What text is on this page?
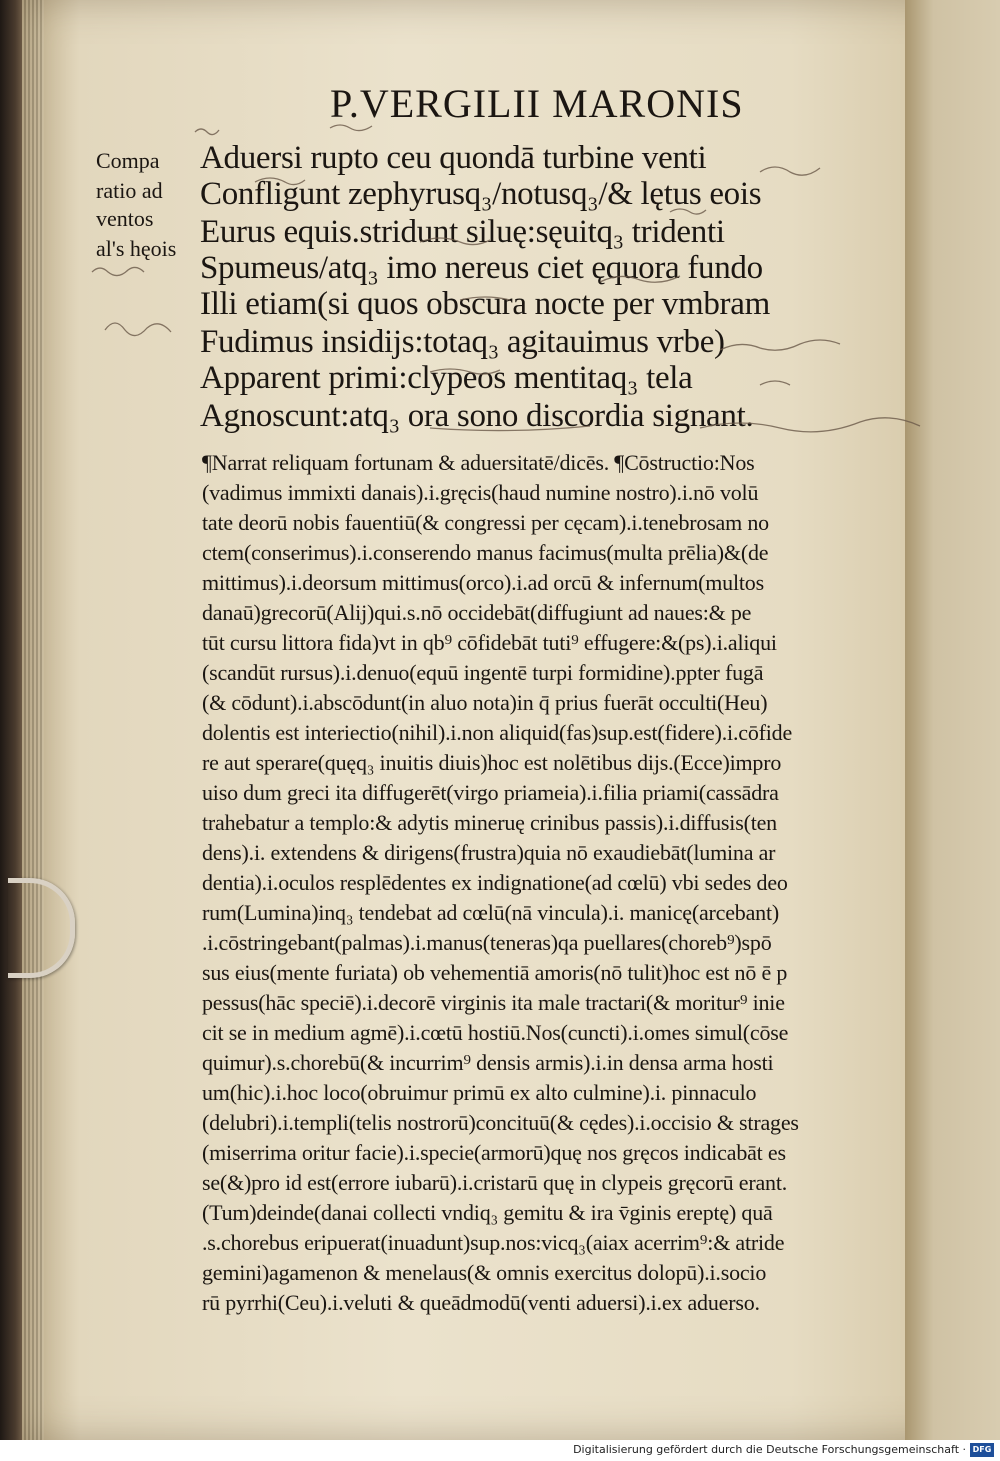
P.VERGILII MARONIS
Compa
ratio ad
ventos
al's hęois
Aduersi rupto ceu quondā turbine venti
Confligunt zephyrusq₃/notusq₃/& lętus eois
Eurus equis.stridunt siluę:sęuitq₃ tridenti
Spumeus/atq₃ imo nereus ciet ęquora fundo
Illi etiam(si quos obscura nocte per vmbram
Fudimus insidijs:totaq₃ agitauimus vrbe)
Apparent primi:clypeos mentitaq₃ tela
Agnoscunt:atq₃ ora sono discordia signant.
¶Narrat reliquam fortunam & aduersitatē/dicēs. ¶Cōstructio:Nos
(vadimus immixti danais).i.gręcis(haud numine nostro).i.nō volū
tate deorū nobis fauentiū(& congressi per cęcam).i.tenebrosam no
ctem(conserimus).i.conserendo manus facimus(multa prēlia)&(de
mittimus).i.deorsum mittimus(orco).i.ad orcū & infernum(multos
danaū)grecorū(Alij)qui.s.nō occidebāt(diffugiunt ad naues:& pe
tūt cursu littora fida)vt in qb⁹ cōfidebāt tuti⁹ effugere:&(ps).i.aliqui
(scandūt rursus).i.denuo(equū ingentē turpi formidine).ppter fugā
(& cōdunt).i.abscōdunt(in aluo nota)in q̄ prius fuerāt occulti(Heu)
dolentis est interiectio(nihil).i.non aliquid(fas)sup.est(fidere).i.cōfide
re aut sperare(quęq₃ inuitis diuis)hoc est nolētibus dijs.(Ecce)impro
uiso dum greci ita diffugerēt(virgo priameia).i.filia priami(cassādra
trahebatur a templo:& adytis mineruę crinibus passis).i.diffusis(ten
dens).i. extendens & dirigens(frustra)quia nō exaudiebāt(lumina ar
dentia).i.oculos resplēdentes ex indignatione(ad cœlū) vbi sedes deo
rum(Lumina)inq₃ tendebat ad cœlū(nā vincula).i. manicę(arcebant)
.i.cōstringebant(palmas).i.manus(teneras)qa puellares(choreb⁹)spō
sus eius(mente furiata) ob vehementiā amoris(nō tulit)hoc est nō ē p
pessus(hāc speciē).i.decorē virginis ita male tractari(& moritur⁹ inie
cit se in medium agmē).i.cœtū hostiū.Nos(cuncti).i.omes simul(cōse
quimur).s.chorebū(& incurrim⁹ densis armis).i.in densa arma hosti
um(hic).i.hoc loco(obruimur primū ex alto culmine).i. pinnaculo
(delubri).i.templi(telis nostrorū)concituū(& cędes).i.occisio & strages
(miserrima oritur facie).i.specie(armorū)quę nos gręcos indicabāt es
se(&)pro id est(errore iubarū).i.cristarū quę in clypeis gręcorū erant.
(Tum)deinde(danai collecti vndiq₃ gemitu & ira v̄ginis ereptę) quā
.s.chorebus eripuerat(inuadunt)sup.nos:vicq₃(aiax acerrim⁹:& atride
gemini)agamenon & menelaus(& omnis exercitus dolopū).i.socio
rū pyrrhi(Ceu).i.veluti & queādmodū(venti aduersi).i.ex aduerso.
Digitalisierung gefördert durch die Deutsche Forschungsgemeinschaft · DFG
